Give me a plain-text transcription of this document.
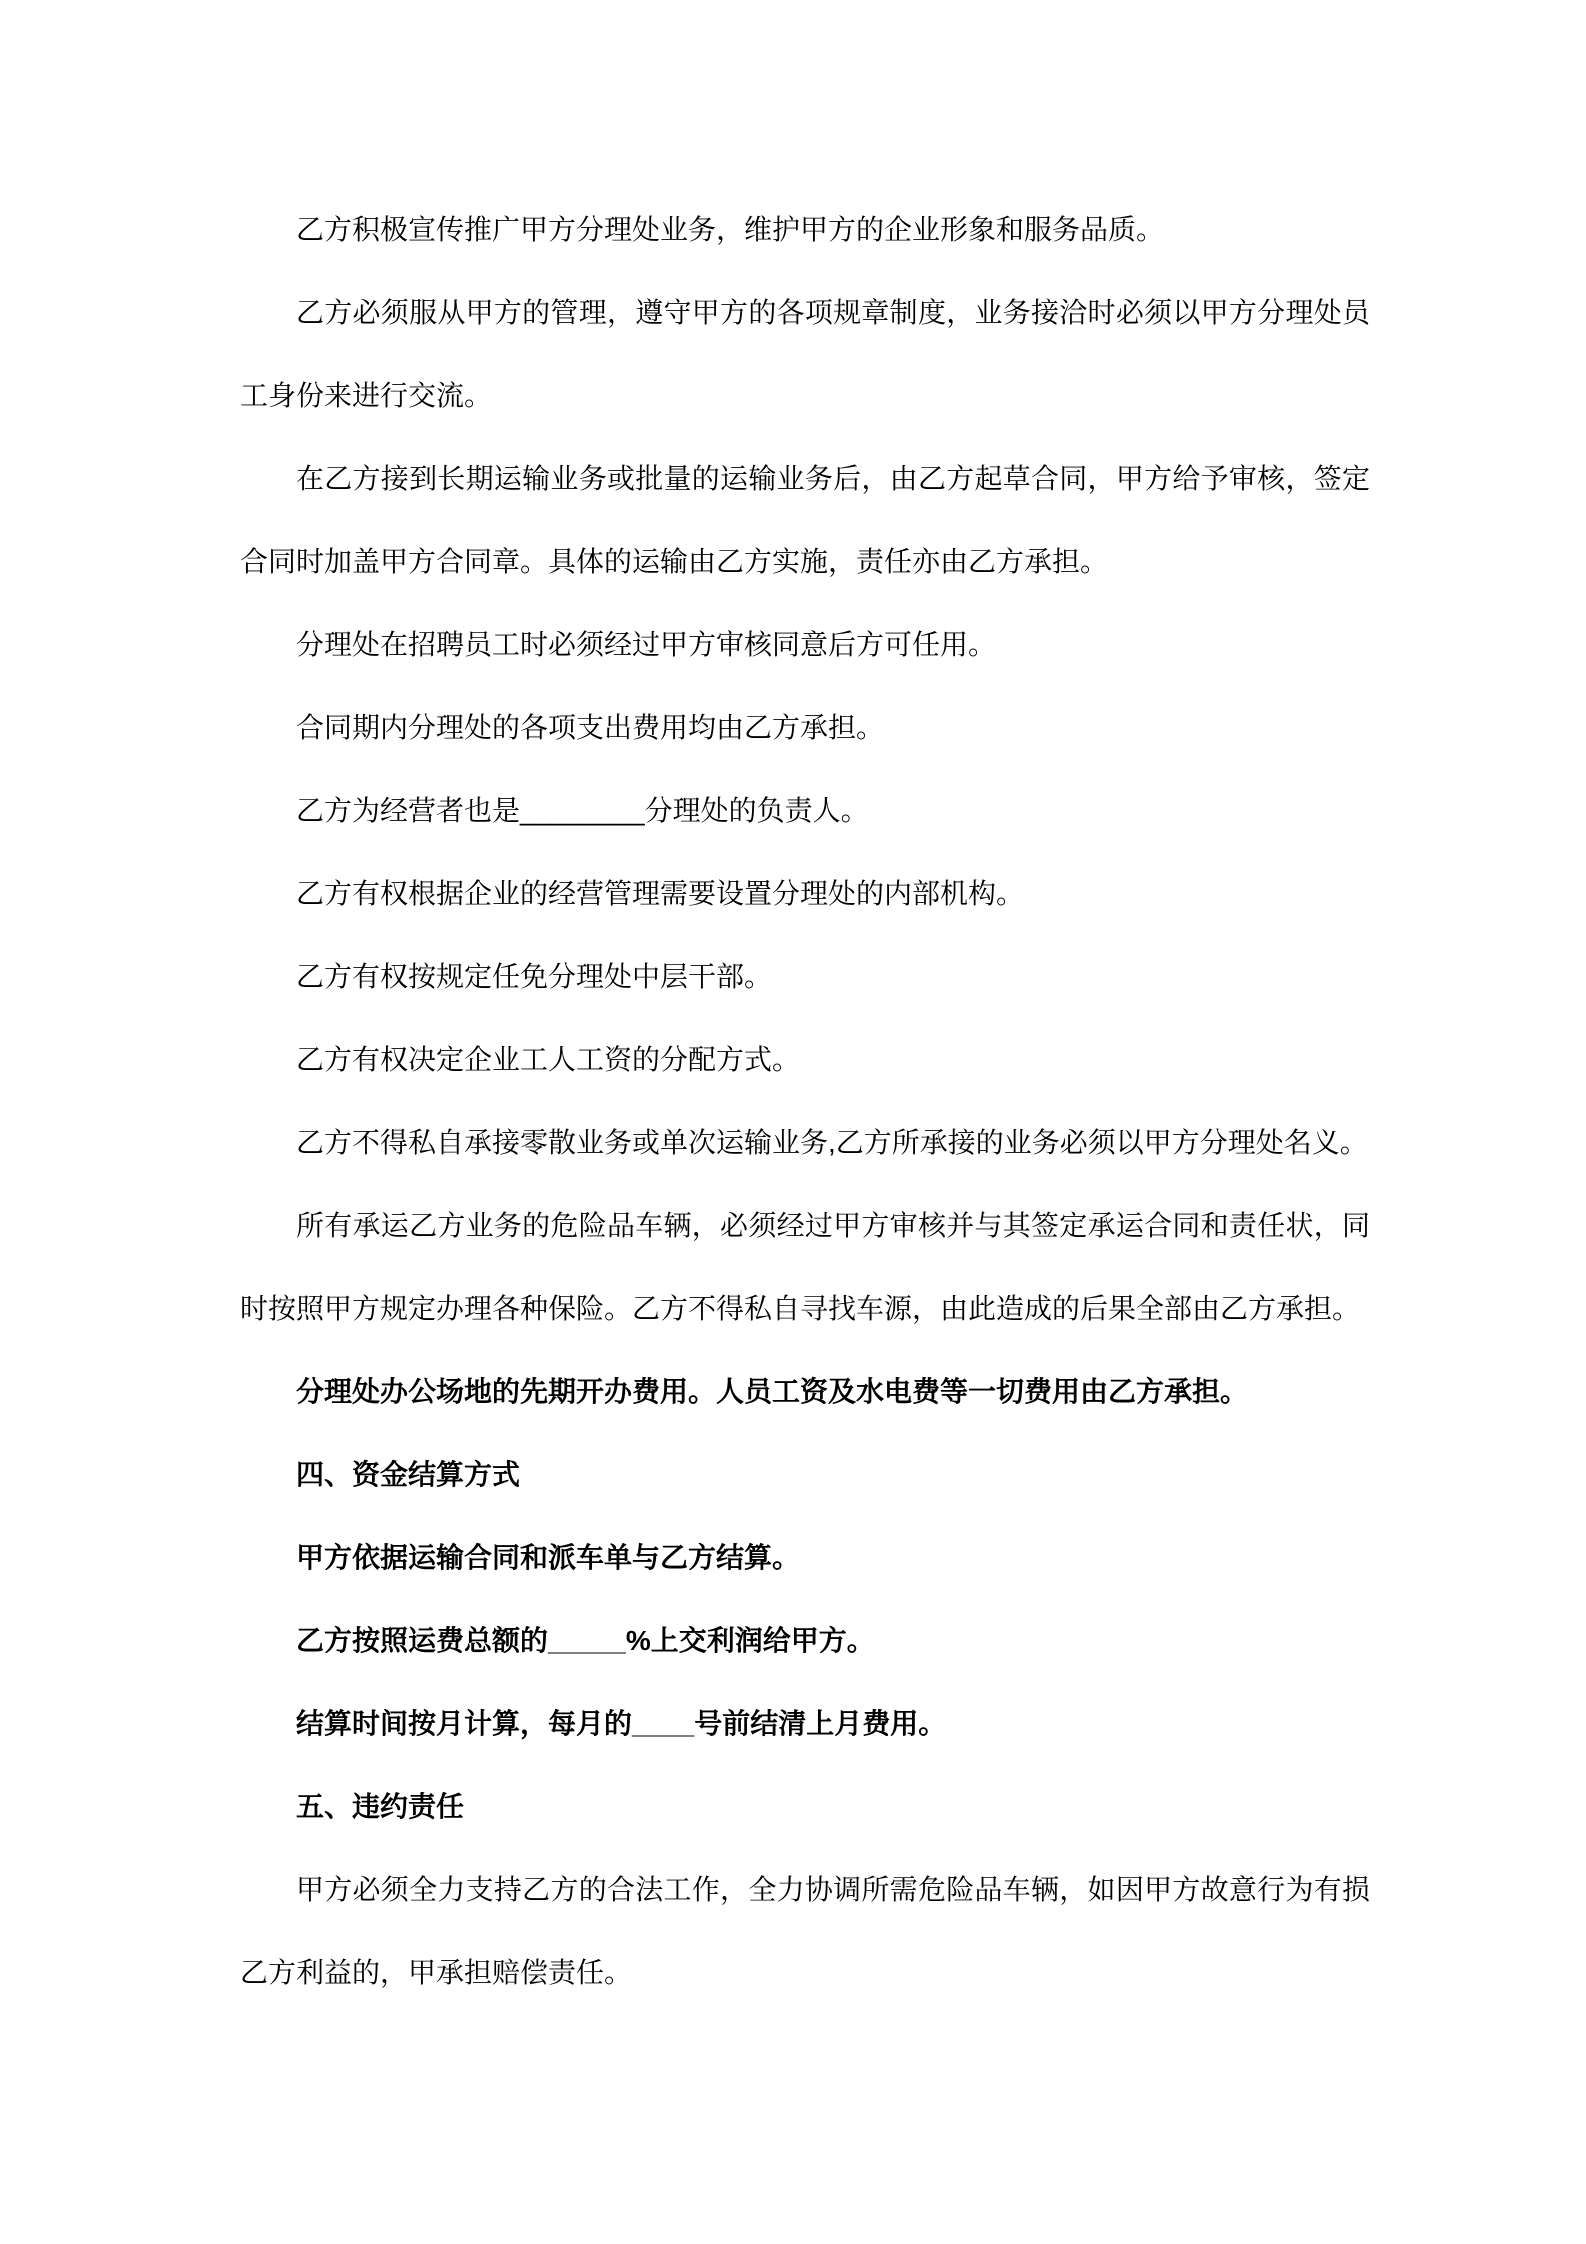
乙方积极宣传推广甲方分理处业务，维护甲方的企业形象和服务品质。

乙方必须服从甲方的管理，遵守甲方的各项规章制度，业务接洽时必须以甲方分理处员工身份来进行交流。

在乙方接到长期运输业务或批量的运输业务后，由乙方起草合同，甲方给予审核，签定合同时加盖甲方合同章。具体的运输由乙方实施，责任亦由乙方承担。

分理处在招聘员工时必须经过甲方审核同意后方可任用。

合同期内分理处的各项支出费用均由乙方承担。

乙方为经营者也是________分理处的负责人。

乙方有权根据企业的经营管理需要设置分理处的内部机构。

乙方有权按规定任免分理处中层干部。

乙方有权决定企业工人工资的分配方式。

乙方不得私自承接零散业务或单次运输业务,乙方所承接的业务必须以甲方分理处名义。

所有承运乙方业务的危险品车辆，必须经过甲方审核并与其签定承运合同和责任状，同时按照甲方规定办理各种保险。乙方不得私自寻找车源，由此造成的后果全部由乙方承担。

分理处办公场地的先期开办费用。人员工资及水电费等一切费用由乙方承担。

四、资金结算方式

甲方依据运输合同和派车单与乙方结算。

乙方按照运费总额的_____%上交利润给甲方。

结算时间按月计算，每月的____号前结清上月费用。

五、违约责任

甲方必须全力支持乙方的合法工作，全力协调所需危险品车辆，如因甲方故意行为有损乙方利益的，甲承担赔偿责任。
